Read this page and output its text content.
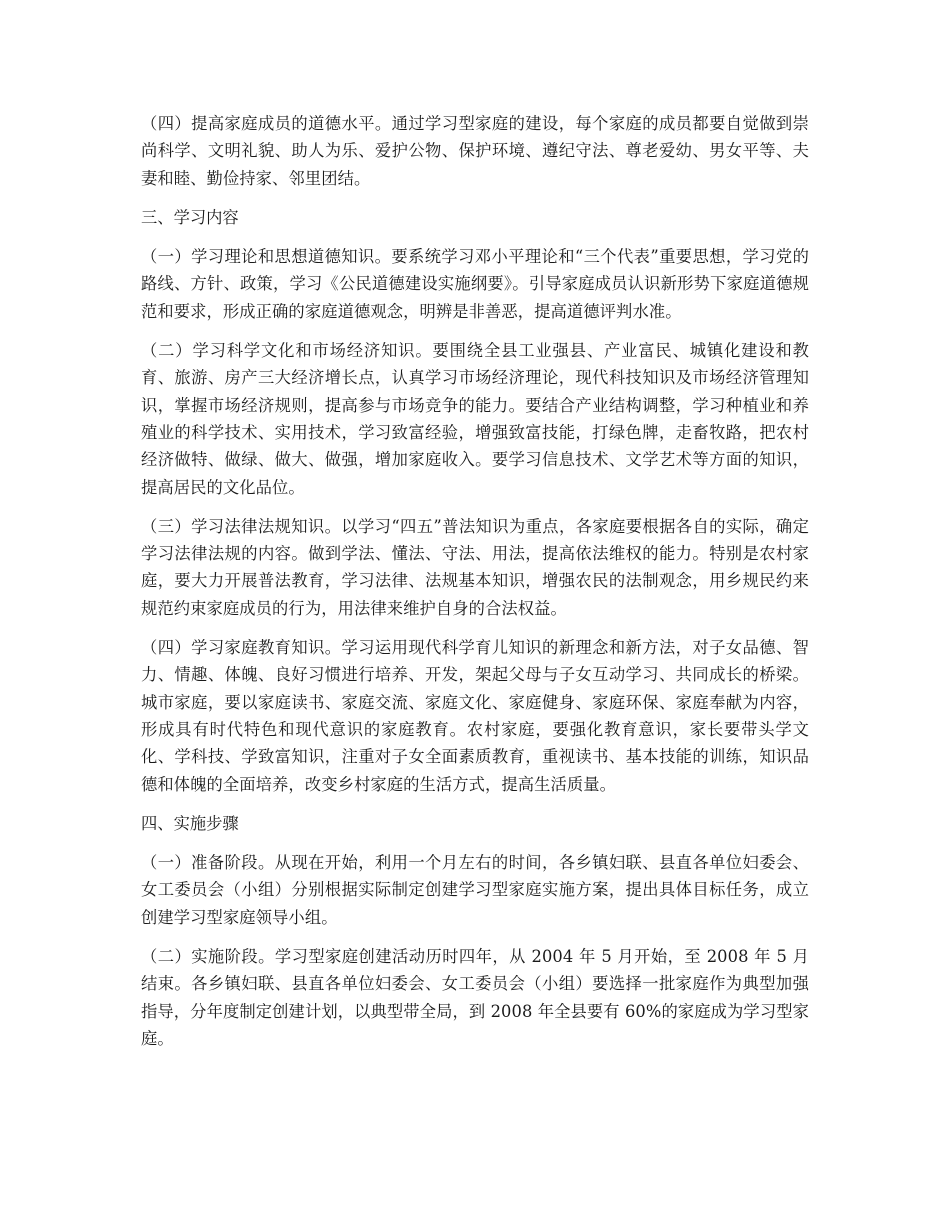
（四）提高家庭成员的道德水平。通过学习型家庭的建设，每个家庭的成员都要自觉做到崇尚科学、文明礼貌、助人为乐、爱护公物、保护环境、遵纪守法、尊老爱幼、男女平等、夫妻和睦、勤俭持家、邻里团结。

三、学习内容

（一）学习理论和思想道德知识。要系统学习邓小平理论和“三个代表”重要思想，学习党的路线、方针、政策，学习《公民道德建设实施纲要》。引导家庭成员认识新形势下家庭道德规范和要求，形成正确的家庭道德观念，明辨是非善恶，提高道德评判水准。

（二）学习科学文化和市场经济知识。要围绕全县工业强县、产业富民、城镇化建设和教育、旅游、房产三大经济增长点，认真学习市场经济理论，现代科技知识及市场经济管理知识，掌握市场经济规则，提高参与市场竞争的能力。要结合产业结构调整，学习种植业和养殖业的科学技术、实用技术，学习致富经验，增强致富技能，打绿色牌，走畜牧路，把农村经济做特、做绿、做大、做强，增加家庭收入。要学习信息技术、文学艺术等方面的知识，提高居民的文化品位。

（三）学习法律法规知识。以学习“四五”普法知识为重点，各家庭要根据各自的实际，确定学习法律法规的内容。做到学法、懂法、守法、用法，提高依法维权的能力。特别是农村家庭，要大力开展普法教育，学习法律、法规基本知识，增强农民的法制观念，用乡规民约来规范约束家庭成员的行为，用法律来维护自身的合法权益。

（四）学习家庭教育知识。学习运用现代科学育儿知识的新理念和新方法，对子女品德、智力、情趣、体魄、良好习惯进行培养、开发，架起父母与子女互动学习、共同成长的桥梁。城市家庭，要以家庭读书、家庭交流、家庭文化、家庭健身、家庭环保、家庭奉献为内容，形成具有时代特色和现代意识的家庭教育。农村家庭，要强化教育意识，家长要带头学文化、学科技、学致富知识，注重对子女全面素质教育，重视读书、基本技能的训练，知识品德和体魄的全面培养，改变乡村家庭的生活方式，提高生活质量。

四、实施步骤

（一）准备阶段。从现在开始，利用一个月左右的时间，各乡镇妇联、县直各单位妇委会、女工委员会（小组）分别根据实际制定创建学习型家庭实施方案，提出具体目标任务，成立创建学习型家庭领导小组。

（二）实施阶段。学习型家庭创建活动历时四年，从 2004 年 5 月开始，至 2008 年 5 月结束。各乡镇妇联、县直各单位妇委会、女工委员会（小组）要选择一批家庭作为典型加强指导，分年度制定创建计划，以典型带全局，到 2008 年全县要有 60%的家庭成为学习型家庭。
